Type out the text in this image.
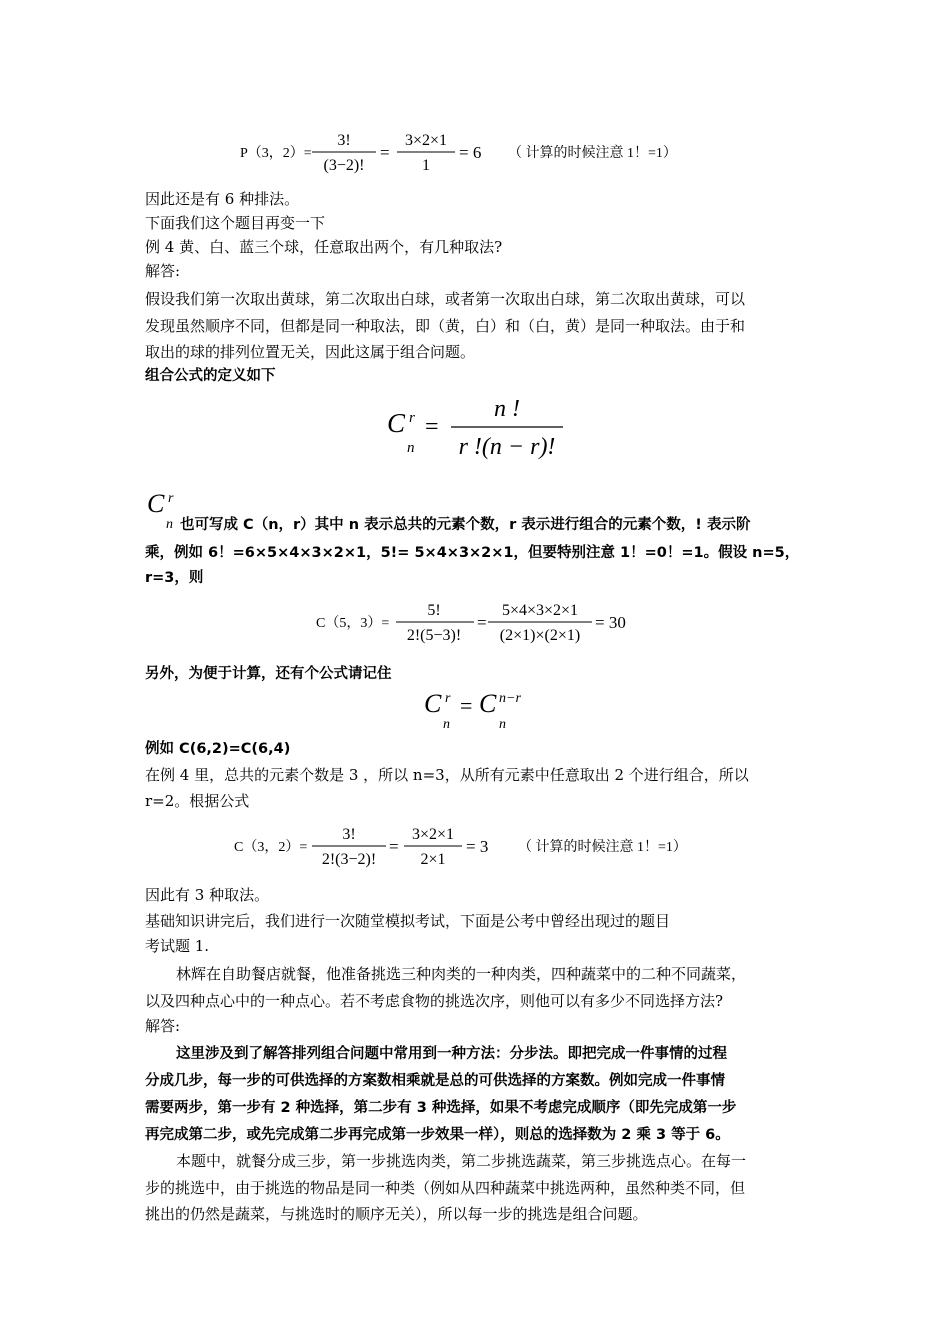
P（3，2）=
3!
(3−2)!
=
3×2×1
1
= 6 （ 计算的时候注意 1！=1）
因此还是有 6 种排法。
下面我们这个题目再变一下
例 4 黄、白、蓝三个球，任意取出两个，有几种取法?
解答:
假设我们第一次取出黄球，第二次取出白球，或者第一次取出白球，第二次取出黄球，可以
发现虽然顺序不同，但都是同一种取法，即（黄，白）和（白，黄）是同一种取法。由于和
取出的球的排列位置无关，因此这属于组合问题。
组合公式的定义如下
C r
n
=
n !
r !(n − r)!
C r
n 也可写成 C（n，r）其中 n 表示总共的元素个数，r 表示进行组合的元素个数，! 表示阶
乘，例如 6！=6×5×4×3×2×1，5!= 5×4×3×2×1，但要特别注意 1！=0！=1。假设 n=5，
r=3，则
C（5，3）=
5!
2!(5−3)!
=
5×4×3×2×1
(2×1)×(2×1)
= 30
另外，为便于计算，还有个公式请记住
C r
n
= C n−r
n
例如 C(6,2)=C(6,4)
在例 4 里，总共的元素个数是 3 ，所以 n=3，从所有元素中任意取出 2 个进行组合，所以
r=2。根据公式
C（3，2）=
3!
2!(3−2)!
=
3×2×1
2×1
= 3 （ 计算的时候注意 1！=1）
因此有 3 种取法。
基础知识讲完后，我们进行一次随堂模拟考试，下面是公考中曾经出现过的题目
考试题 1.
林辉在自助餐店就餐，他准备挑选三种肉类的一种肉类，四种蔬菜中的二种不同蔬菜，
以及四种点心中的一种点心。若不考虑食物的挑选次序，则他可以有多少不同选择方法?
解答:
这里涉及到了解答排列组合问题中常用到一种方法：分步法。即把完成一件事情的过程
分成几步，每一步的可供选择的方案数相乘就是总的可供选择的方案数。例如完成一件事情
需要两步，第一步有 2 种选择，第二步有 3 种选择，如果不考虑完成顺序（即先完成第一步
再完成第二步，或先完成第二步再完成第一步效果一样），则总的选择数为 2 乘 3 等于 6。
本题中，就餐分成三步，第一步挑选肉类，第二步挑选蔬菜，第三步挑选点心。在每一
步的挑选中，由于挑选的物品是同一种类（例如从四种蔬菜中挑选两种，虽然种类不同，但
挑出的仍然是蔬菜，与挑选时的顺序无关），所以每一步的挑选是组合问题。
